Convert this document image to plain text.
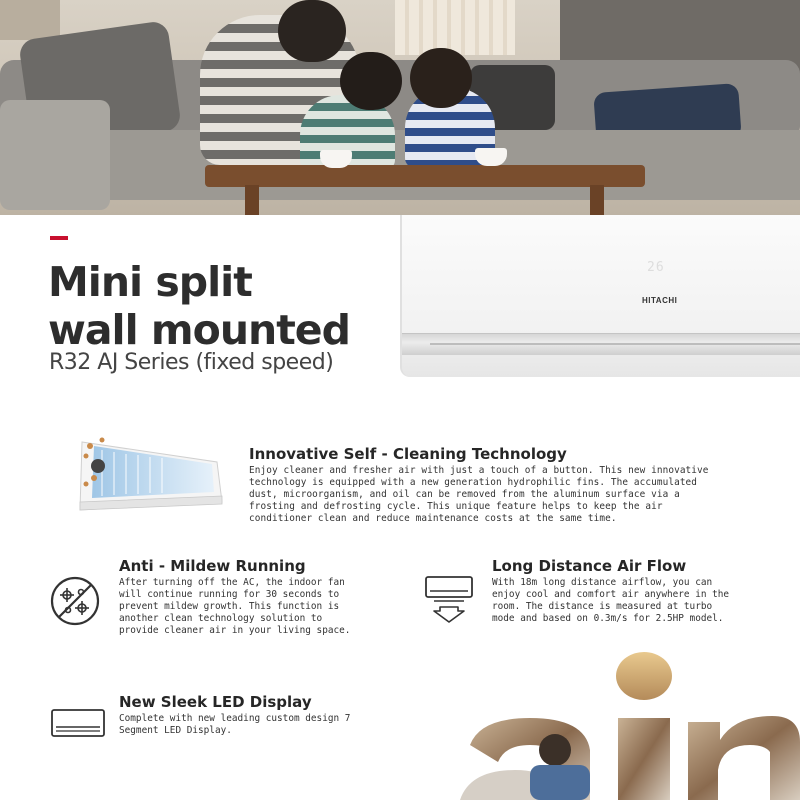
Mini split
wall mounted
R32 AJ Series (fixed speed)
26
HITACHI
Innovative Self - Cleaning Technology
Enjoy cleaner and fresher air with just a touch of a button. This new innovative technology is equipped with a new generation hydrophilic fins. The accumulated dust, microorganism, and oil can be removed from the aluminum surface via a frosting and defrosting cycle. This unique feature helps to keep the air conditioner clean and reduce maintenance costs at the same time.
Anti - Mildew Running
After turning off the AC, the indoor fan will continue running for 30 seconds to prevent mildew growth. This function is another clean technology solution to provide cleaner air in your living space.
Long Distance Air Flow
With 18m long distance airflow, you can enjoy cool and comfort air anywhere in the room. The distance is measured at turbo mode and based on 0.3m/s for 2.5HP model.
New Sleek LED Display
Complete with new leading custom design 7 Segment LED Display.
